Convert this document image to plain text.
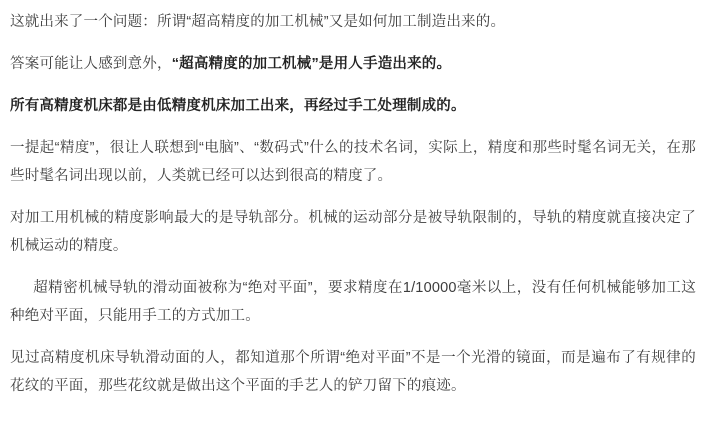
这就出来了一个问题：所谓“超高精度的加工机械”又是如何加工制造出来的。

答案可能让人感到意外，“超高精度的加工机械”是用人手造出来的。

所有高精度机床都是由低精度机床加工出来，再经过手工处理制成的。

一提起“精度”，很让人联想到“电脑”、“数码式”什么的技术名词，实际上，精度和那些时髦名词无关，在那些时髦名词出现以前，人类就已经可以达到很高的精度了。

对加工用机械的精度影响最大的是导轨部分。机械的运动部分是被导轨限制的，导轨的精度就直接决定了机械运动的精度。

超精密机械导轨的滑动面被称为“绝对平面”，要求精度在1/10000毫米以上，没有任何机械能够加工这种绝对平面，只能用手工的方式加工。

见过高精度机床导轨滑动面的人，都知道那个所谓“绝对平面”不是一个光滑的镜面，而是遍布了有规律的花纹的平面，那些花纹就是做出这个平面的手艺人的铲刀留下的痕迹。
